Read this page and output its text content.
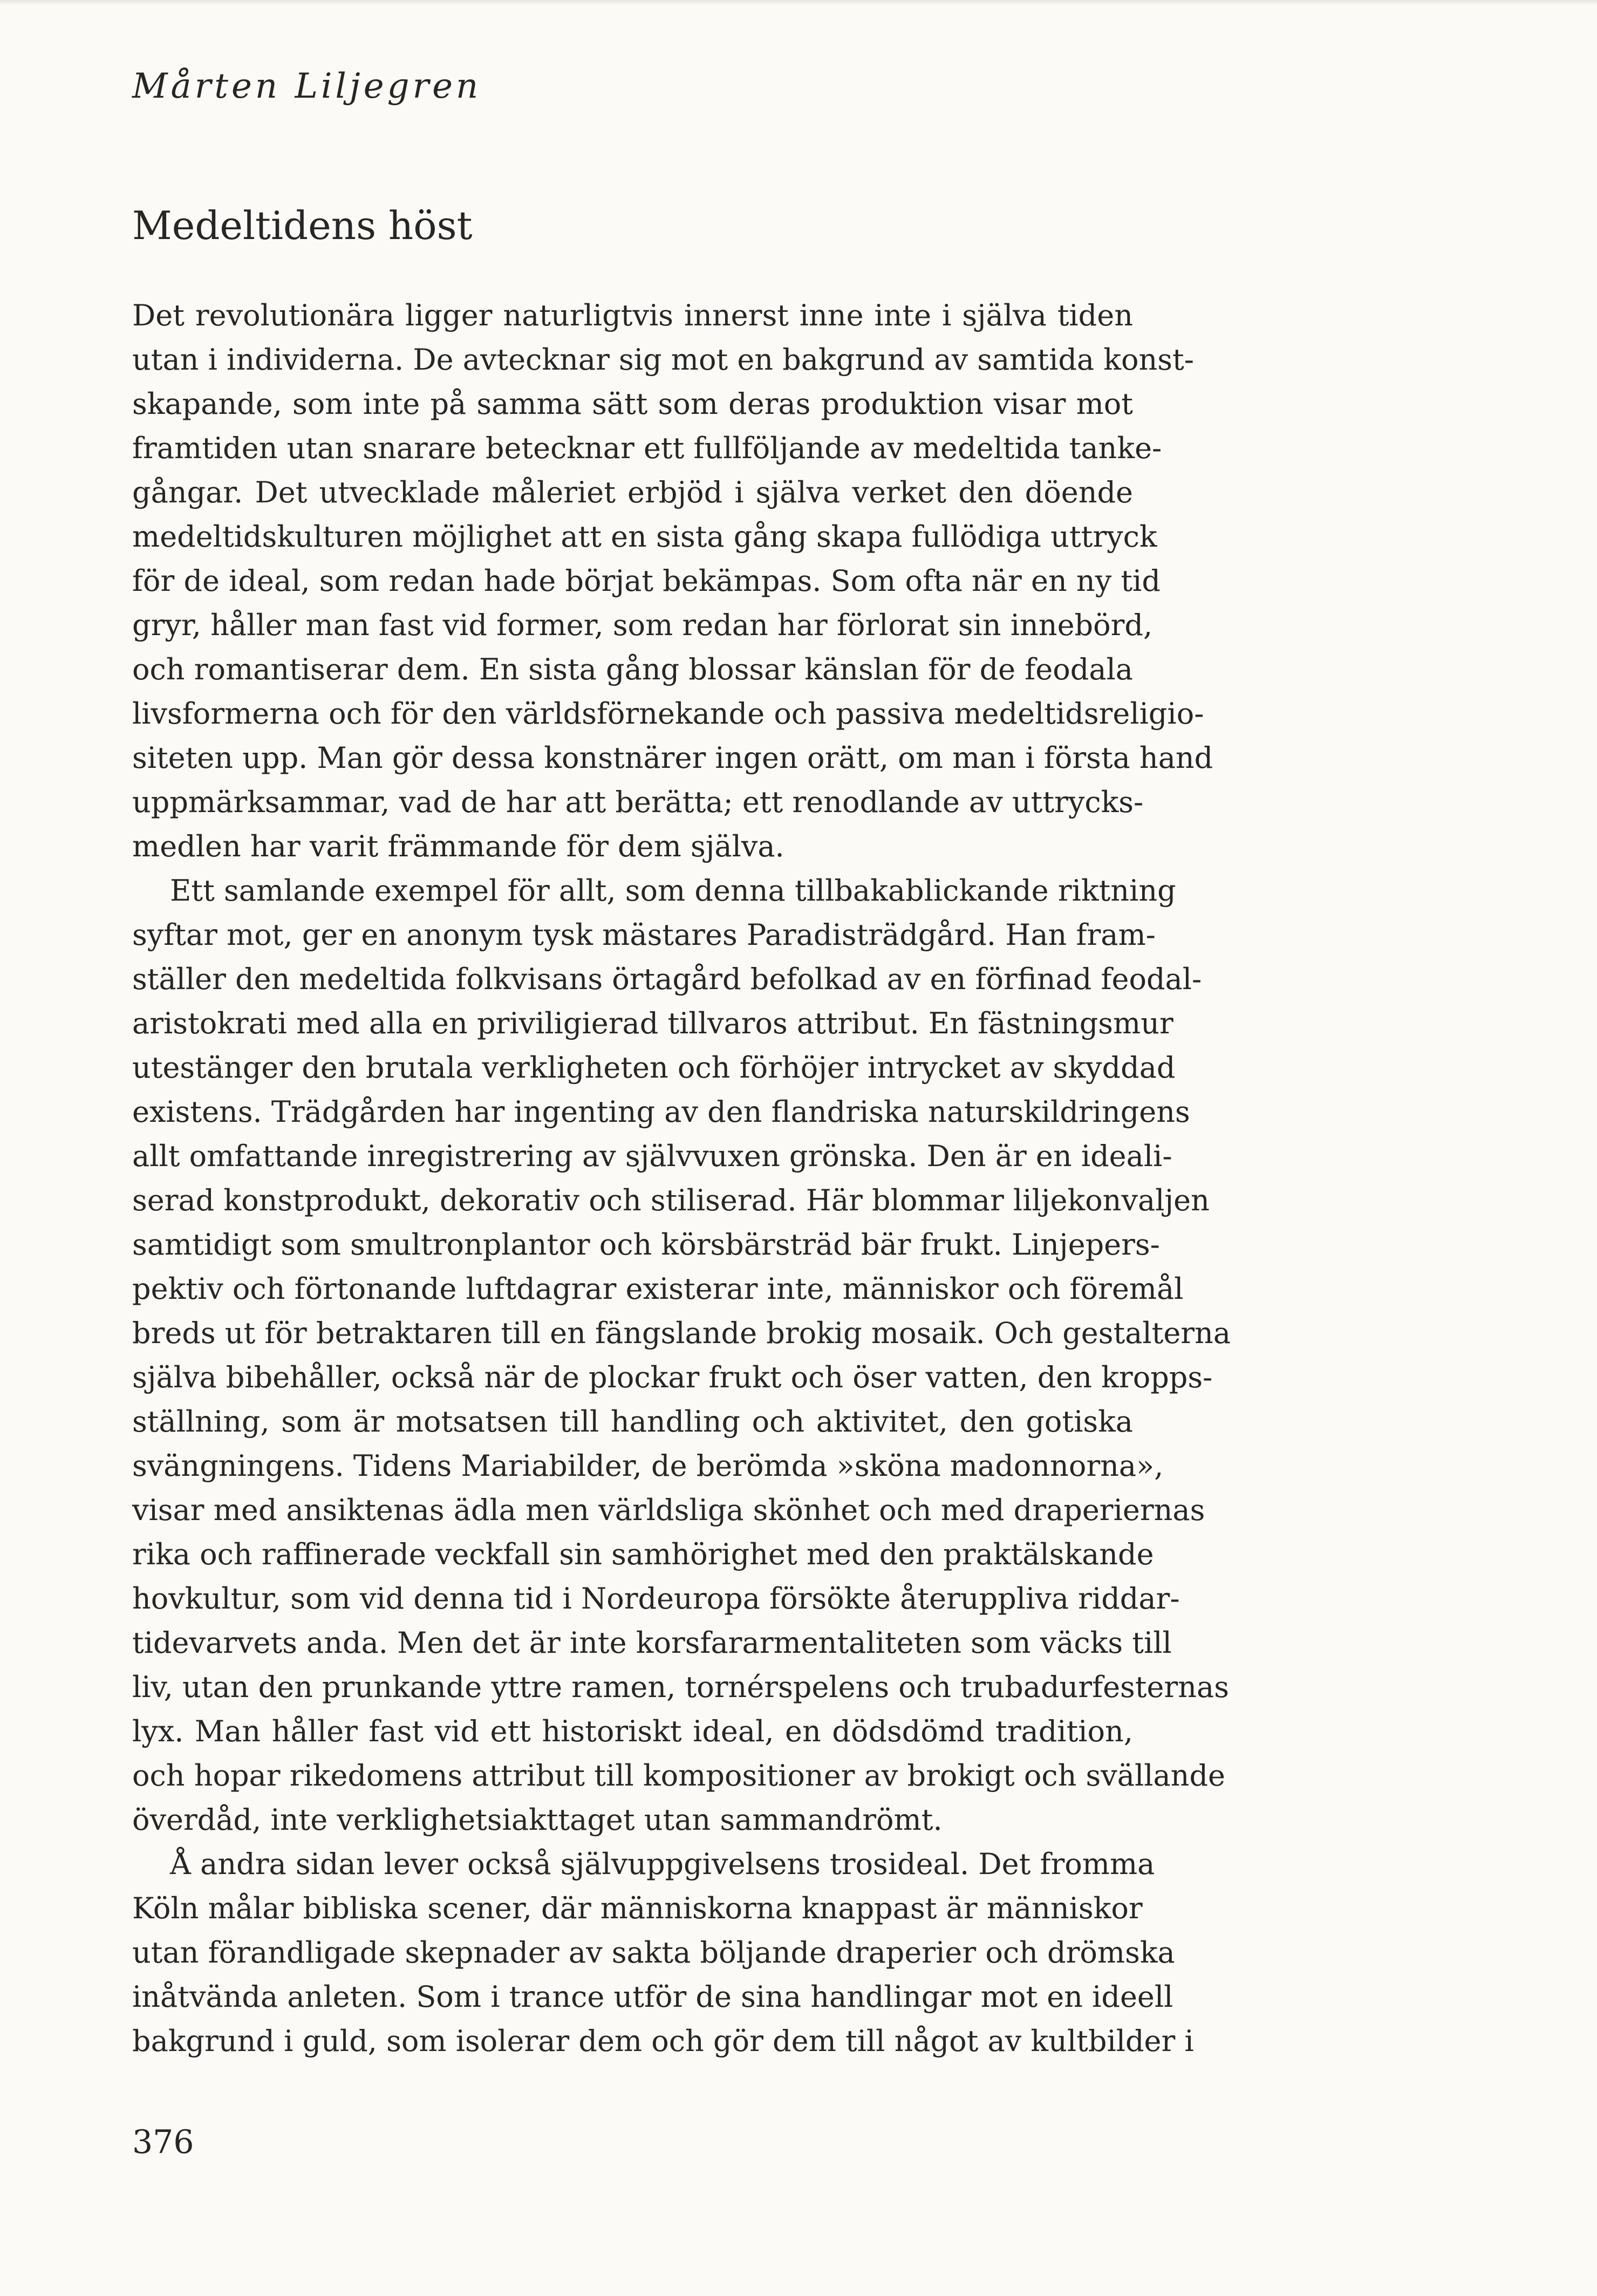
Mårten Liljegren
Medeltidens höst
Det revolutionära ligger naturligtvis innerst inne inte i själva tiden
utan i individerna. De avtecknar sig mot en bakgrund av samtida konst-
skapande, som inte på samma sätt som deras produktion visar mot
framtiden utan snarare betecknar ett fullföljande av medeltida tanke-
gångar. Det utvecklade måleriet erbjöd i själva verket den döende
medeltidskulturen möjlighet att en sista gång skapa fullödiga uttryck
för de ideal, som redan hade börjat bekämpas. Som ofta när en ny tid
gryr, håller man fast vid former, som redan har förlorat sin innebörd,
och romantiserar dem. En sista gång blossar känslan för de feodala
livsformerna och för den världsförnekande och passiva medeltidsreligio-
siteten upp. Man gör dessa konstnärer ingen orätt, om man i första hand
uppmärksammar, vad de har att berätta; ett renodlande av uttrycks-
medlen har varit främmande för dem själva.
Ett samlande exempel för allt, som denna tillbakablickande riktning
syftar mot, ger en anonym tysk mästares Paradisträdgård. Han fram-
ställer den medeltida folkvisans örtagård befolkad av en förfinad feodal-
aristokrati med alla en priviligierad tillvaros attribut. En fästningsmur
utestänger den brutala verkligheten och förhöjer intrycket av skyddad
existens. Trädgården har ingenting av den flandriska naturskildringens
allt omfattande inregistrering av självvuxen grönska. Den är en ideali-
serad konstprodukt, dekorativ och stiliserad. Här blommar liljekonvaljen
samtidigt som smultronplantor och körsbärsträd bär frukt. Linjepers-
pektiv och förtonande luftdagrar existerar inte, människor och föremål
breds ut för betraktaren till en fängslande brokig mosaik. Och gestalterna
själva bibehåller, också när de plockar frukt och öser vatten, den kropps-
ställning, som är motsatsen till handling och aktivitet, den gotiska
svängningens. Tidens Mariabilder, de berömda »sköna madonnorna»,
visar med ansiktenas ädla men världsliga skönhet och med draperiernas
rika och raffinerade veckfall sin samhörighet med den praktälskande
hovkultur, som vid denna tid i Nordeuropa försökte återuppliva riddar-
tidevarvets anda. Men det är inte korsfararmentaliteten som väcks till
liv, utan den prunkande yttre ramen, tornérspelens och trubadurfesternas
lyx. Man håller fast vid ett historiskt ideal, en dödsdömd tradition,
och hopar rikedomens attribut till kompositioner av brokigt och svällande
överdåd, inte verklighetsiakttaget utan sammandrömt.
Å andra sidan lever också självuppgivelsens trosideal. Det fromma
Köln målar bibliska scener, där människorna knappast är människor
utan förandligade skepnader av sakta böljande draperier och drömska
inåtvända anleten. Som i trance utför de sina handlingar mot en ideell
bakgrund i guld, som isolerar dem och gör dem till något av kultbilder i
376
